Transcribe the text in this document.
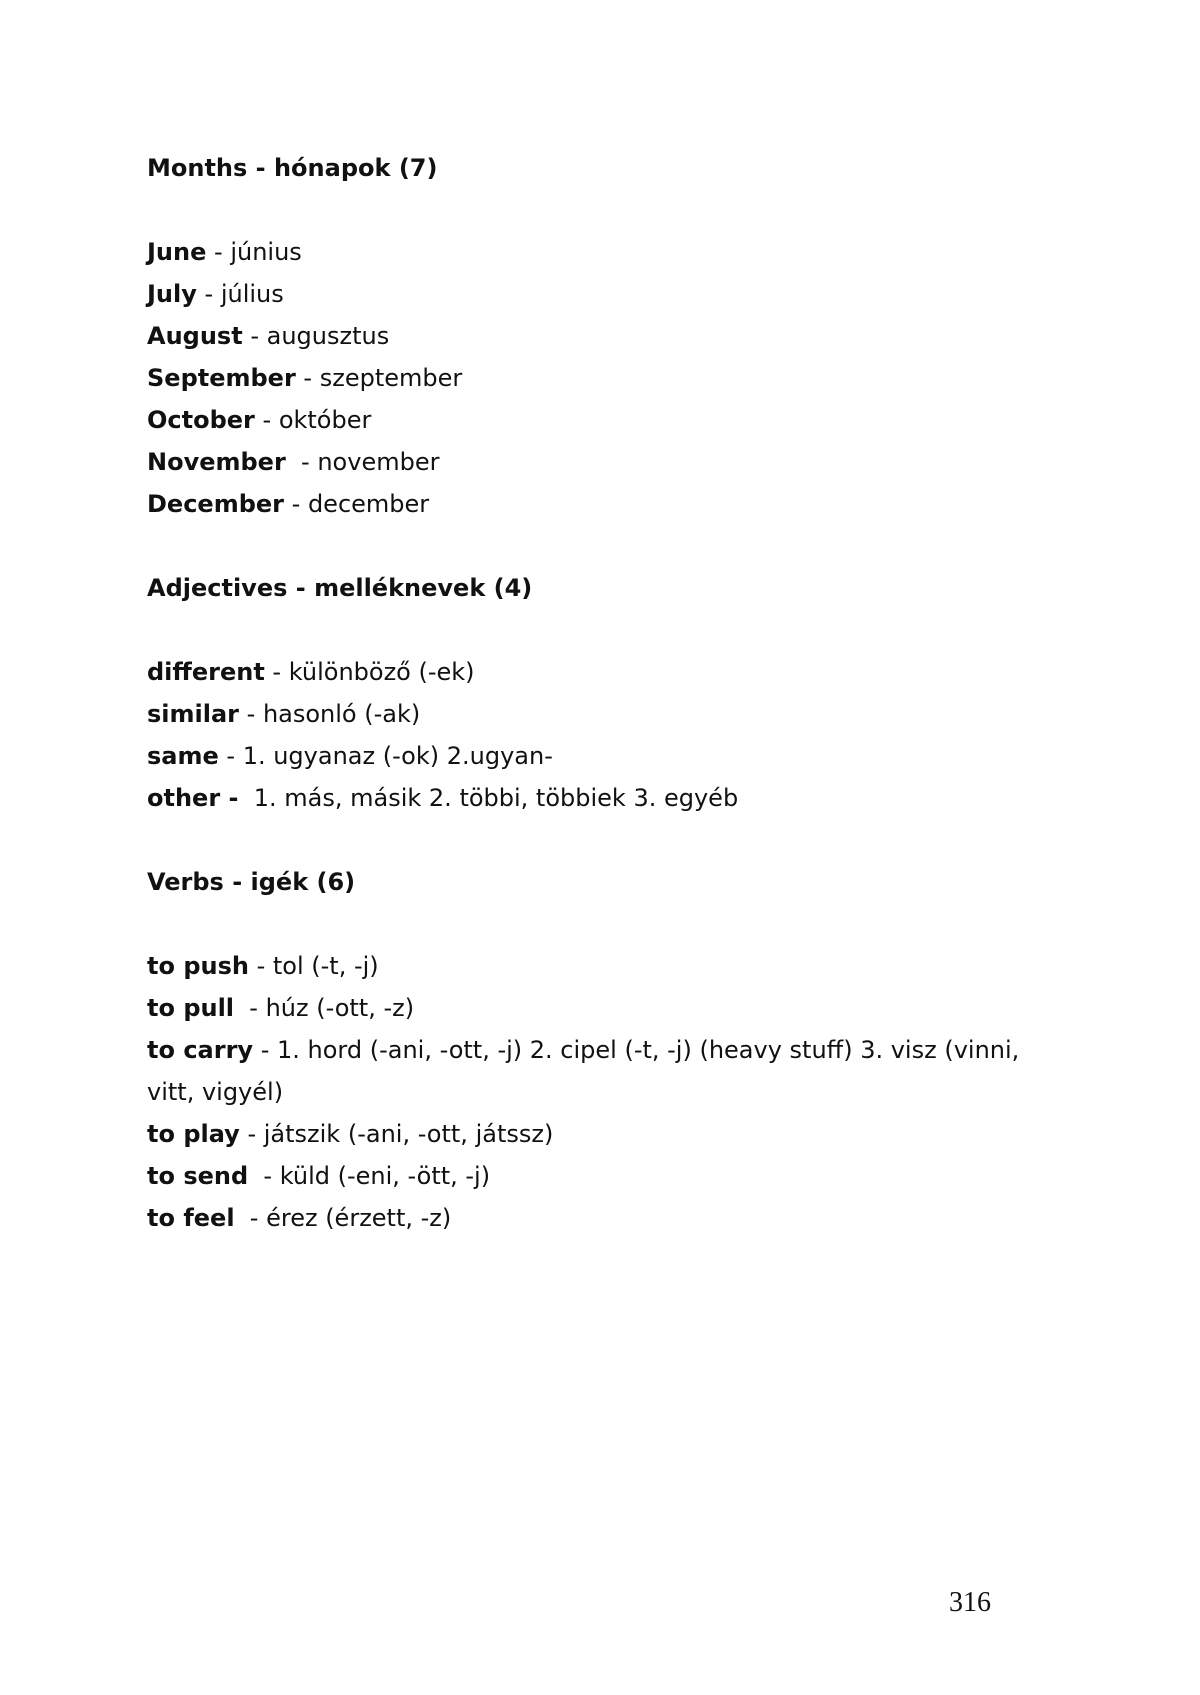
Months - hónapok (7)
June - június
July - július
August - augusztus
September - szeptember
October - október
November  - november
December - december
Adjectives - melléknevek (4)
different - különböző (-ek)
similar - hasonló (-ak)
same - 1. ugyanaz (-ok) 2.ugyan-
other - 1. más, másik 2. többi, többiek 3. egyéb
Verbs - igék (6)
to push - tol (-t, -j)
to pull  - húz (-ott, -z)
to carry - 1. hord (-ani, -ott, -j) 2. cipel (-t, -j) (heavy stuff) 3. visz (vinni, vitt, vigyél)
to play - játszik (-ani, -ott, játssz)
to send  - küld (-eni, -ött, -j)
to feel  - érez (érzett, -z)
316
